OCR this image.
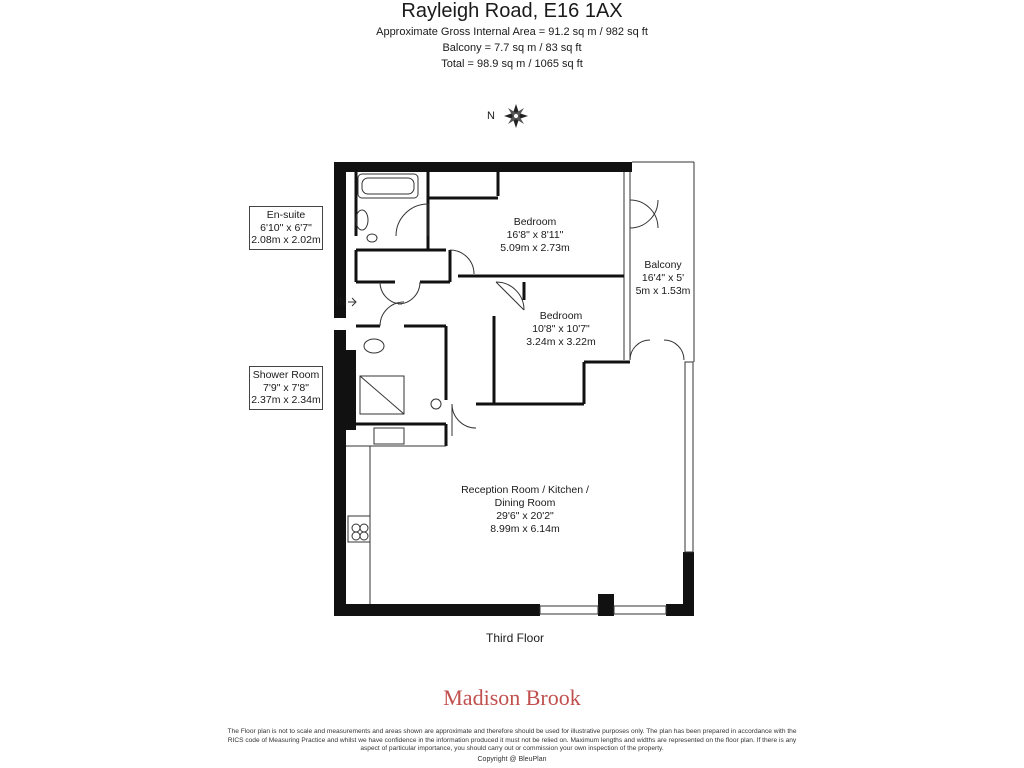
Rayleigh Road, E16 1AX
Approximate Gross Internal Area = 91.2 sq m / 982 sq ft
Balcony = 7.7 sq m / 83 sq ft
Total = 98.9 sq m / 1065 sq ft
Bedroom
16'8" x 8'11"
5.09m x 2.73m
Bedroom
10'8" x 10'7"
3.24m x 3.22m
Balcony
16'4" x 5'
5m x 1.53m
Reception Room / Kitchen /
Dining Room
29'6" x 20'2"
8.99m x 6.14m
En-suite
6'10" x 6'7"
2.08m x 2.02m
Shower Room
7'9" x 7'8"
2.37m x 2.34m
N
IN
Third Floor
Madison Brook
The Floor plan is not to scale and measurements and areas shown are approximate and therefore should be used for illustrative purposes only. The plan has been prepared in accordance with the RICS code of Measuring Practice and whilst we have confidence in the information produced it must not be relied on. Maximum lengths and widths are represented on the floor plan. If there is any aspect of particular importance, you should carry out or commission your own inspection of the property.
Copyright @ BleuPlan
